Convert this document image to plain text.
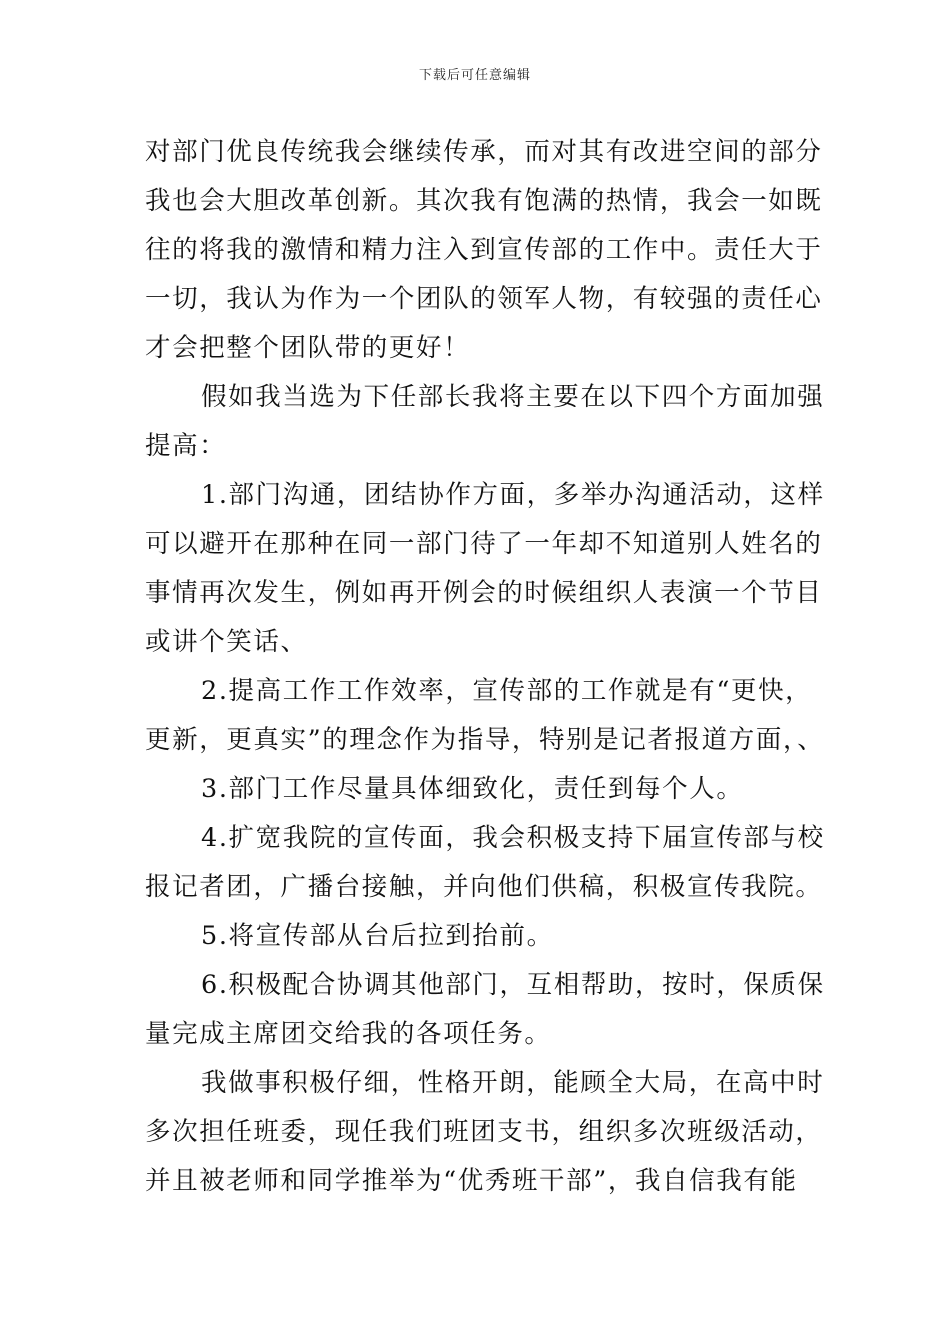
下载后可任意编辑
对部门优良传统我会继续传承，而对其有改进空间的部分
我也会大胆改革创新。其次我有饱满的热情，我会一如既
往的将我的激情和精力注入到宣传部的工作中。责任大于
一切，我认为作为一个团队的领军人物，有较强的责任心
才会把整个团队带的更好！
假如我当选为下任部长我将主要在以下四个方面加强
提高：
1.部门沟通，团结协作方面，多举办沟通活动，这样
可以避开在那种在同一部门待了一年却不知道别人姓名的
事情再次发生，例如再开例会的时候组织人表演一个节目
或讲个笑话、
2.提高工作工作效率，宣传部的工作就是有“更快，
更新，更真实”的理念作为指导，特别是记者报道方面，、
3.部门工作尽量具体细致化，责任到每个人。
4.扩宽我院的宣传面，我会积极支持下届宣传部与校
报记者团，广播台接触，并向他们供稿，积极宣传我院。
5.将宣传部从台后拉到抬前。
6.积极配合协调其他部门，互相帮助，按时，保质保
量完成主席团交给我的各项任务。
我做事积极仔细，性格开朗，能顾全大局，在高中时
多次担任班委，现任我们班团支书，组织多次班级活动，
并且被老师和同学推举为“优秀班干部”，我自信我有能
